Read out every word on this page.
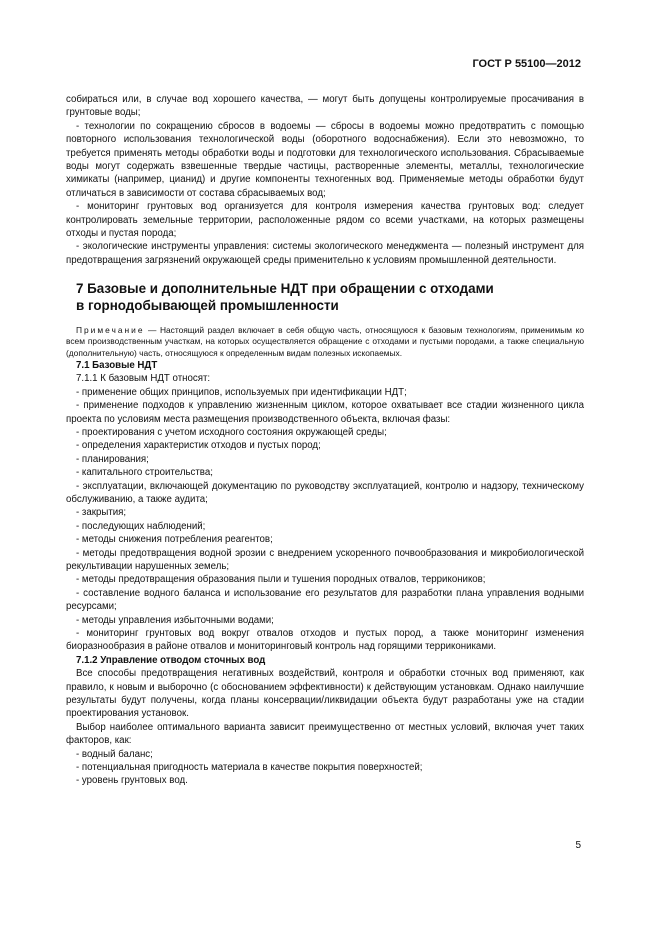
ГОСТ Р 55100—2012

собираться или, в случае вод хорошего качества, — могут быть допущены контролируемые просачивания в грунтовые воды;

- технологии по сокращению сбросов в водоемы — сбросы в водоемы можно предотвратить с помощью повторного использования технологической воды (оборотного водоснабжения). Если это невозможно, то требуется применять методы обработки воды и подготовки для технологического использования. Сбрасываемые воды могут содержать взвешенные твердые частицы, растворенные элементы, металлы, технологические химикаты (например, цианид) и другие компоненты техногенных вод. Применяемые методы обработки будут отличаться в зависимости от состава сбрасываемых вод;

- мониторинг грунтовых вод организуется для контроля измерения качества грунтовых вод: следует контролировать земельные территории, расположенные рядом со всеми участками, на которых размещены отходы и пустая порода;

- экологические инструменты управления: системы экологического менеджмента — полезный инструмент для предотвращения загрязнений окружающей среды применительно к условиям промышленной деятельности.

7 Базовые и дополнительные НДТ при обращении с отходами
в горнодобывающей промышленности

Примечание — Настоящий раздел включает в себя общую часть, относящуюся к базовым технологиям, применимым ко всем производственным участкам, на которых осуществляется обращение с отходами и пустыми породами, а также специальную (дополнительную) часть, относящуюся к определенным видам полезных ископаемых.

7.1 Базовые НДТ

7.1.1 К базовым НДТ относят:

- применение общих принципов, используемых при идентификации НДТ;

- применение подходов к управлению жизненным циклом, которое охватывает все стадии жизненного цикла проекта по условиям места размещения производственного объекта, включая фазы:

- проектирования с учетом исходного состояния окружающей среды;

- определения характеристик отходов и пустых пород;

- планирования;

- капитального строительства;

- эксплуатации, включающей документацию по руководству эксплуатацией, контролю и надзору, техническому обслуживанию, а также аудита;

- закрытия;

- последующих наблюдений;

- методы снижения потребления реагентов;

- методы предотвращения водной эрозии с внедрением ускоренного почвообразования и микробиологической рекультивации нарушенных земель;

- методы предотвращения образования пыли и тушения породных отвалов, терриконикoв;

- составление водного баланса и использование его результатов для разработки плана управления водными ресурсами;

- методы управления избыточными водами;

- мониторинг грунтовых вод вокруг отвалов отходов и пустых пород, а также мониторинг изменения биоразнообразия в районе отвалов и мониторинговый контроль над горящими террикониками.

7.1.2 Управление отводом сточных вод

Все способы предотвращения негативных воздействий, контроля и обработки сточных вод применяют, как правило, к новым и выборочно (с обоснованием эффективности) к действующим установкам. Однако наилучшие результаты будут получены, когда планы консервации/ликвидации объекта будут разработаны уже на стадии проектирования установок.

Выбор наиболее оптимального варианта зависит преимущественно от местных условий, включая учет таких факторов, как:

- водный баланс;

- потенциальная пригодность материала в качестве покрытия поверхностей;

- уровень грунтовых вод.

5
